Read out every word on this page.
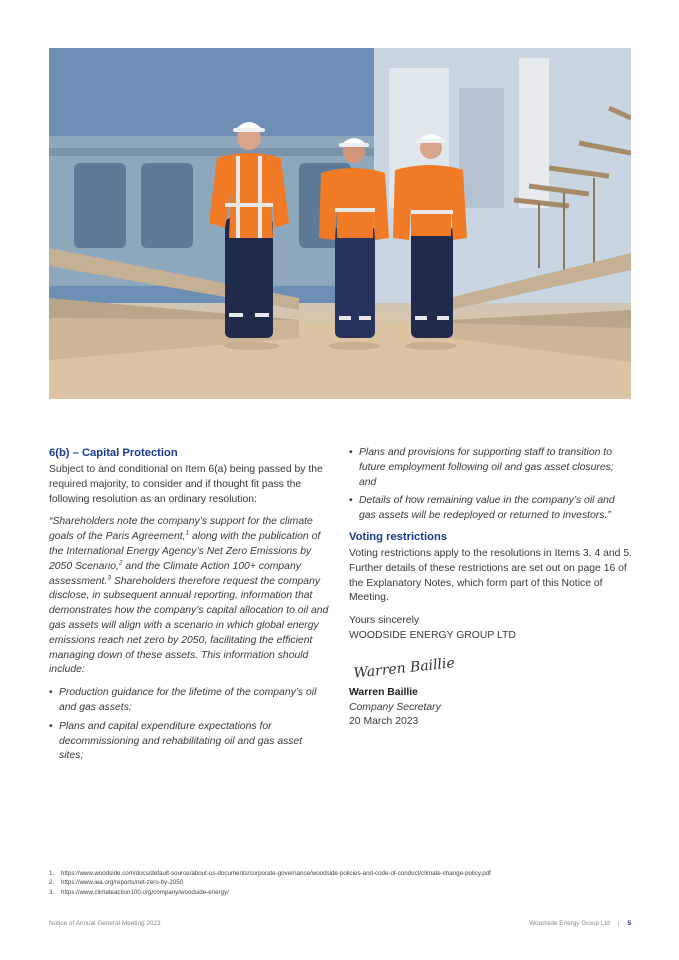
6(b) – Capital Protection

Subject to and conditional on Item 6(a) being passed by the required majority, to consider and if thought fit pass the following resolution as an ordinary resolution:

“Shareholders note the company’s support for the climate goals of the Paris Agreement,$^1$ along with the publication of the International Energy Agency’s Net Zero Emissions by 2050 Scenario,$^2$ and the Climate Action 100+ company assessment.$^3$ Shareholders therefore request the company disclose, in subsequent annual reporting, information that demonstrates how the company’s capital allocation to oil and gas assets will align with a scenario in which global energy emissions reach net zero by 2050, facilitating the efficient managing down of these assets. This information should include:

• Production guidance for the lifetime of the company’s oil and gas assets;
• Plans and capital expenditure expectations for decommissioning and rehabilitating oil and gas asset sites;
• Plans and provisions for supporting staff to transition to future employment following oil and gas asset closures; and
• Details of how remaining value in the company’s oil and gas assets will be redeployed or returned to investors.”
Voting restrictions

Voting restrictions apply to the resolutions in Items 3, 4 and 5. Further details of these restrictions are set out on page 16 of the Explanatory Notes, which form part of this Notice of Meeting.

Yours sincerely

WOODSIDE ENERGY GROUP LTD

Warren Baillie

Warren Baillie

Company Secretary

20 March 2023

1.	https://www.woodside.com/docs/default-source/about-us-documents/corporate-governance/woodside-policies-and-code-of-conduct/climate-change-policy.pdf
2.	https://www.iea.org/reports/net-zero-by-2050
3.	https://www.climateaction100.org/company/woodside-energy/
Notice of Annual General Meeting 2023	Woodside Energy Group Ltd | 5
